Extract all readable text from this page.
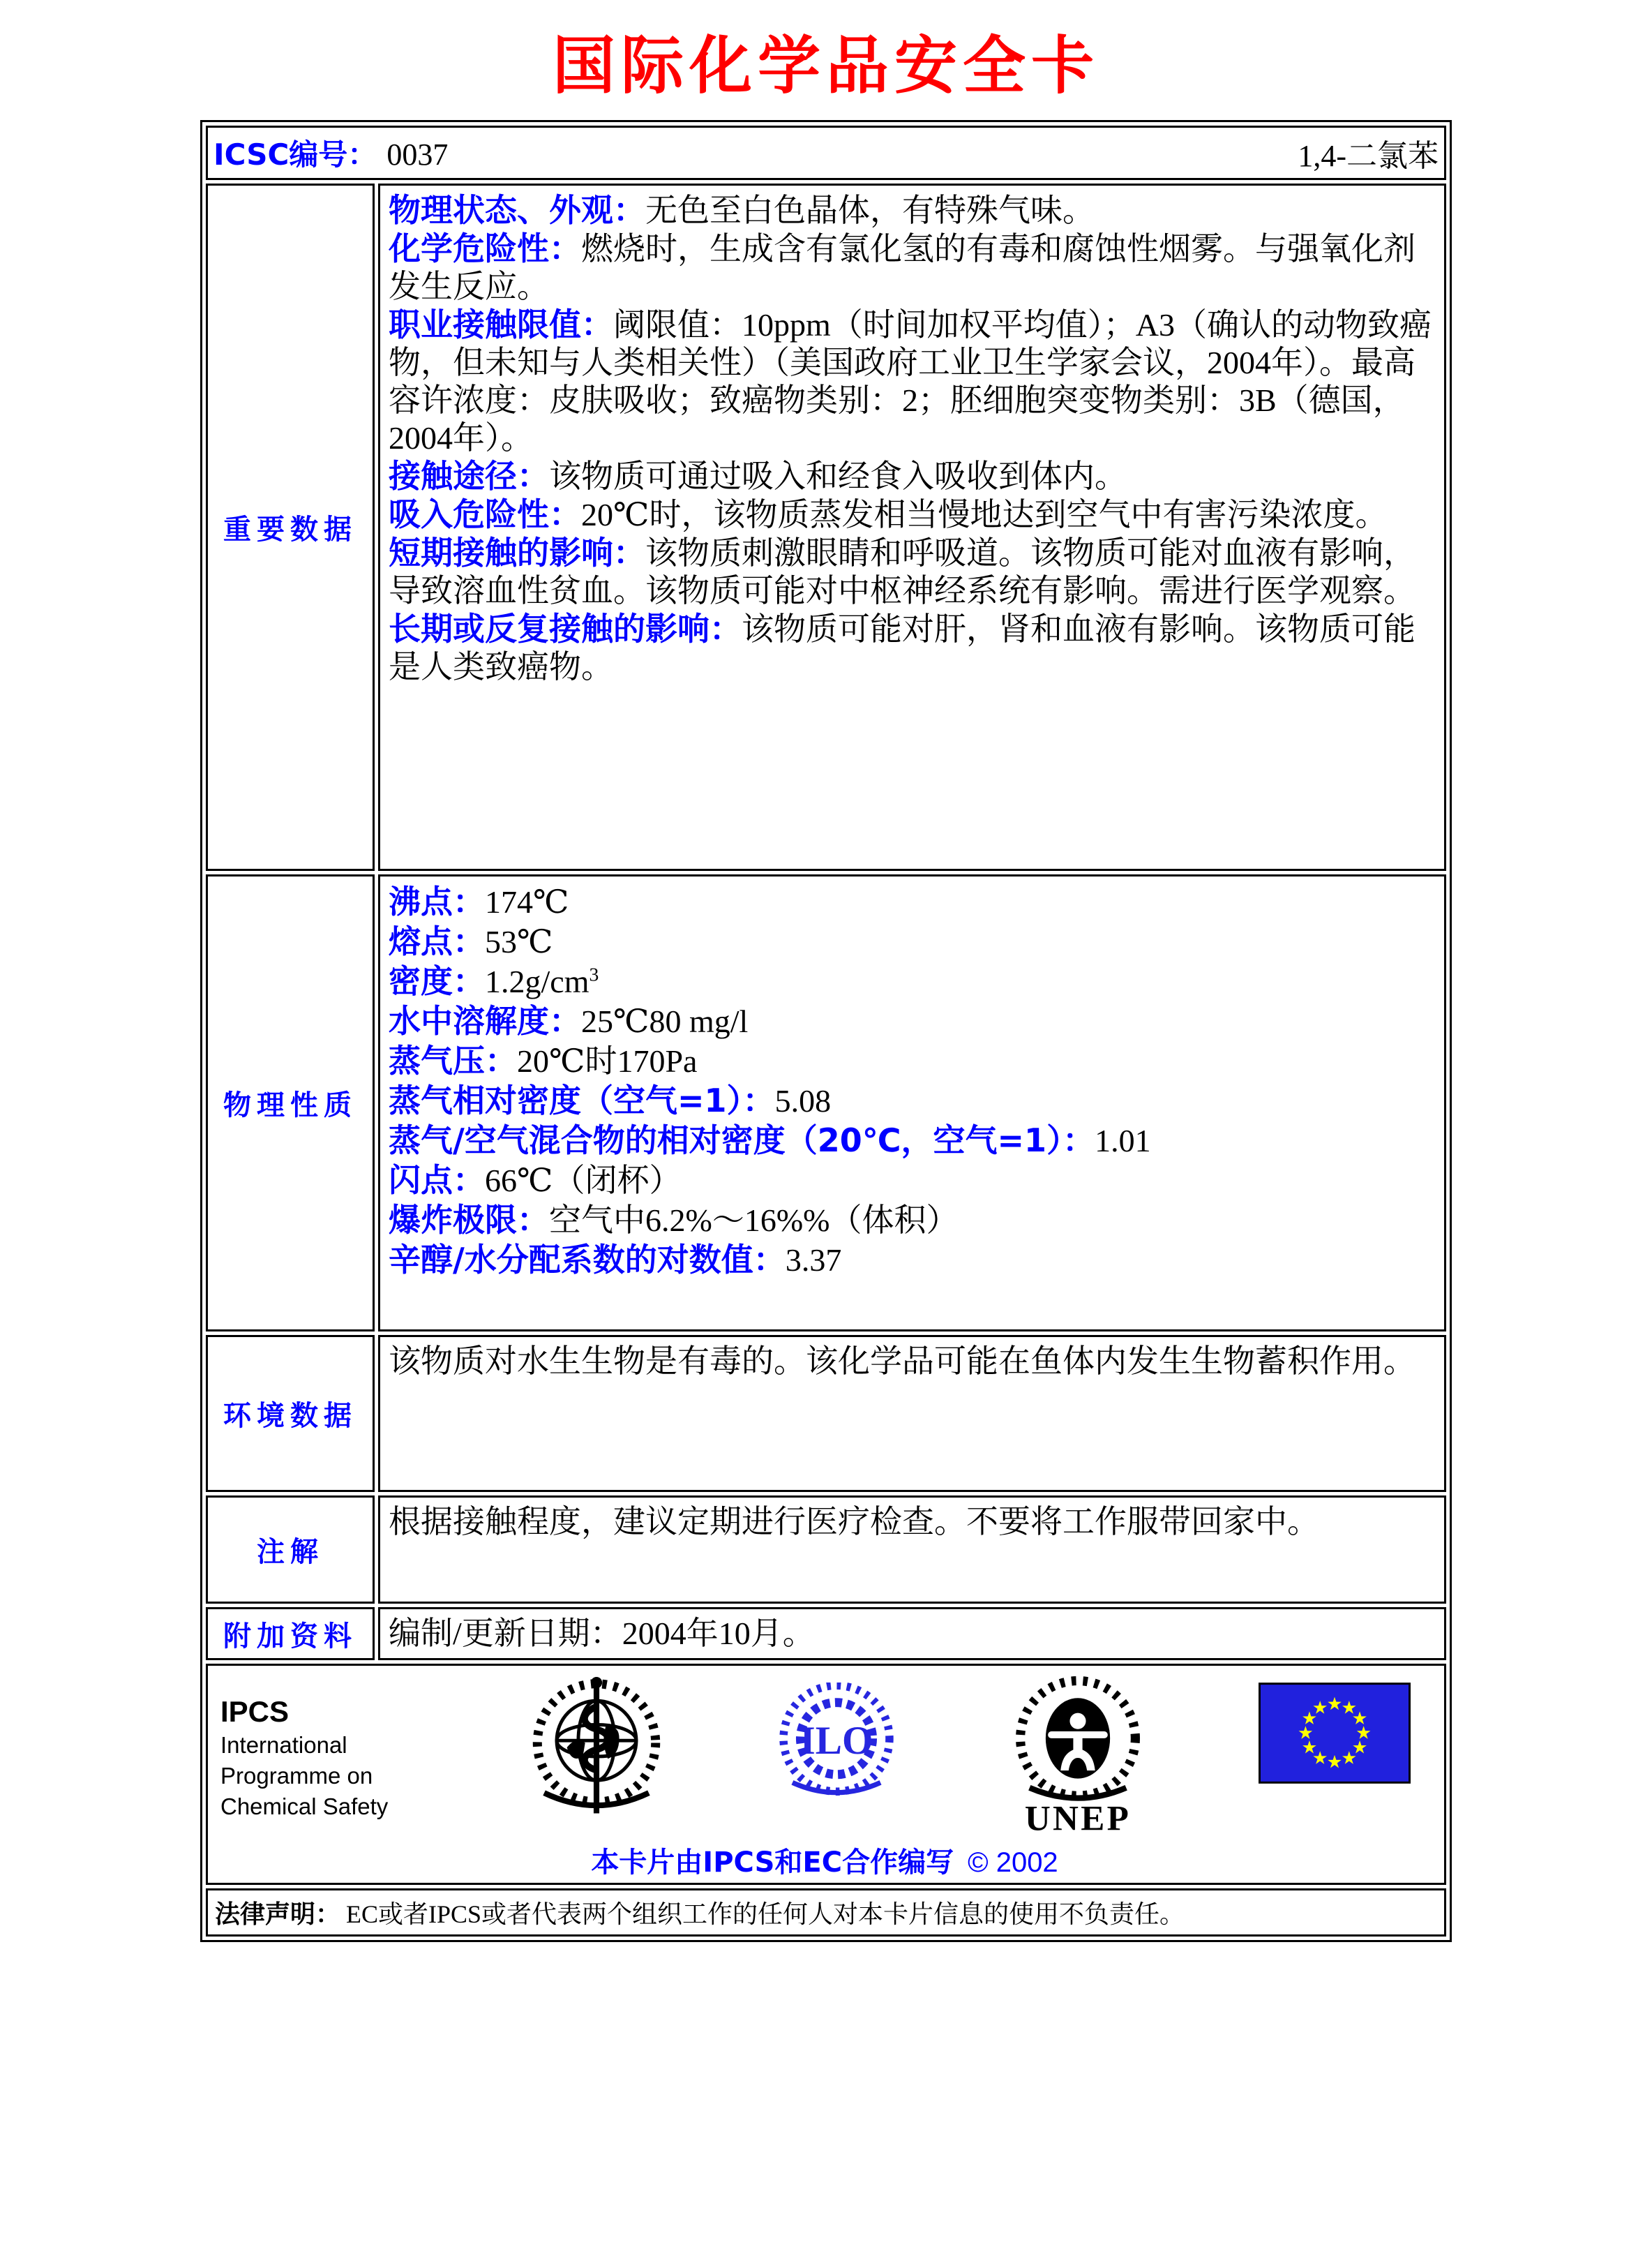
国际化学品安全卡
ICSC编号： 0037 1,4-二氯苯	

重要数据	
物理状态、外观：无色至白色晶体，有特殊气味。
化学危险性：燃烧时，生成含有氯化氢的有毒和腐蚀性烟雾。与强氧化剂发生反应。
职业接触限值：阈限值：10ppm（时间加权平均值）；A3（确认的动物致癌物，但未知与人类相关性）（美国政府工业卫生学家会议，2004年）。最高容许浓度：皮肤吸收；致癌物类别：2；胚细胞突变物类别：3B（德国，2004年）。
接触途径：该物质可通过吸入和经食入吸收到体内。
吸入危险性：20℃时，该物质蒸发相当慢地达到空气中有害污染浓度。
短期接触的影响：该物质刺激眼睛和呼吸道。该物质可能对血液有影响，导致溶血性贫血。该物质可能对中枢神经系统有影响。需进行医学观察。
长期或反复接触的影响：该物质可能对肝，肾和血液有影响。该物质可能是人类致癌物。

物理性质	
沸点：174℃
熔点：53℃
密度：$1.2g/cm^3$
水中溶解度：25℃80 mg/l
蒸气压：20℃时170Pa
蒸气相对密度（空气=1）：5.08
蒸气/空气混合物的相对密度（20℃，空气=1）：1.01
闪点：66℃（闭杯）
爆炸极限：空气中6.2%～16%%（体积）
辛醇/水分配系数的对数值：3.37

环境数据	该物质对水生生物是有毒的。该化学品可能在鱼体内发生生物蓄积作用。
注解	根据接触程度，建议定期进行医疗检查。不要将工作服带回家中。
附加资料	编制/更新日期：2004年10月。

IPCS
International
Programme on
Chemical Safety
ILO
UNEP
本卡片由IPCS和EC合作编写 © 2002

法律声明： EC或者IPCS或者代表两个组织工作的任何人对本卡片信息的使用不负责任。	
